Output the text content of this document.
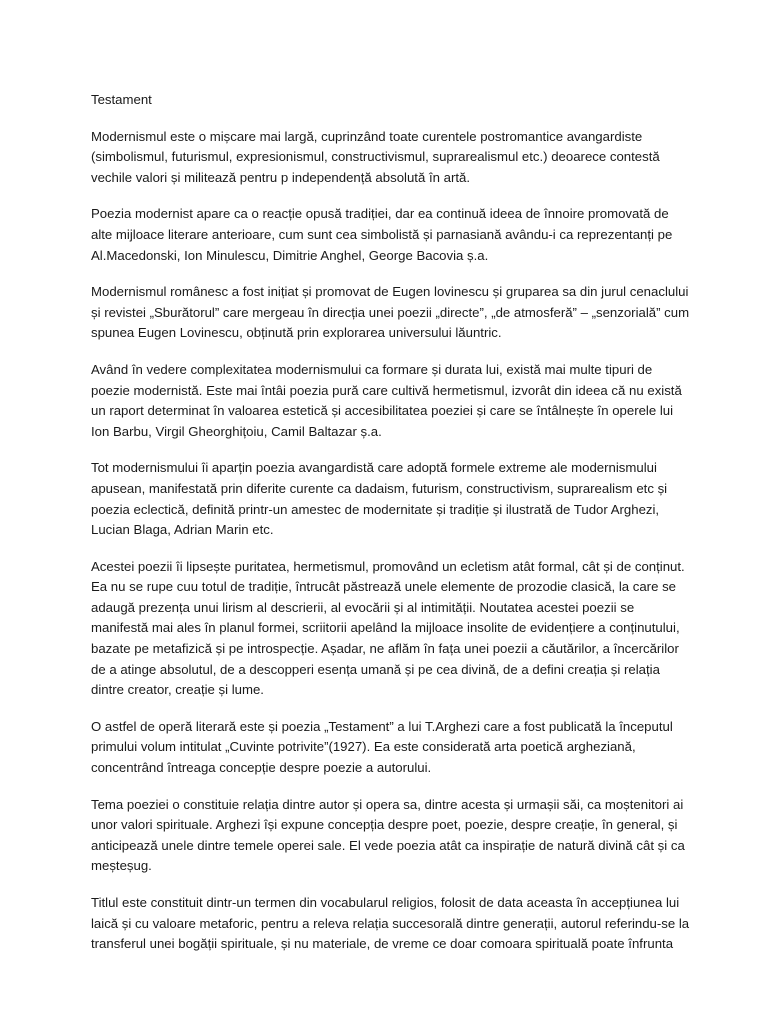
Testament

Modernismul este o mișcare mai largă, cuprinzând toate curentele postromantice avangardiste (simbolismul, futurismul, expresionismul, constructivismul, suprarealismul etc.) deoarece contestă vechile valori și militează pentru p independență absolută în artă.

Poezia modernist apare ca o reacție opusă tradiției, dar ea continuă ideea de înnoire promovată de alte mijloace literare anterioare, cum sunt cea simbolistă și parnasiană avându-i ca reprezentanți pe Al.Macedonski, Ion Minulescu, Dimitrie Anghel, George Bacovia ș.a.

Modernismul românesc a fost inițiat și promovat de Eugen lovinescu și gruparea sa din jurul cenaclului și revistei „Sburătorul” care mergeau în direcția unei poezii „directe”, „de atmosferă” – „senzorială” cum spunea Eugen Lovinescu, obținută prin explorarea universului lăuntric.

Având în vedere complexitatea modernismului ca formare și durata lui, există mai multe tipuri de poezie modernistă. Este mai întâi poezia pură care cultivă hermetismul, izvorât din ideea că nu există un raport determinat în valoarea estetică și accesibilitatea poeziei și care se întâlnește în operele lui Ion Barbu, Virgil Gheorghițoiu, Camil Baltazar ș.a.

Tot modernismului îi aparțin poezia avangardistă care adoptă formele extreme ale modernismului apusean, manifestată prin diferite curente ca dadaism, futurism, constructivism, suprarealism etc și poezia eclectică, definită printr-un amestec de modernitate și tradiție și ilustrată de Tudor Arghezi, Lucian Blaga, Adrian Marin etc.

Acestei poezii îi lipsește puritatea, hermetismul, promovând un ecletism atât formal, cât și de conținut. Ea nu se rupe cuu totul de tradiție, întrucât păstrează unele elemente de prozodie clasică, la care se adaugă prezența unui lirism al descrierii, al evocării și al intimității. Noutatea acestei poezii se manifestă mai ales în planul formei, scriitorii apelând la mijloace insolite de evidențiere a conținutului, bazate pe metafizică și pe introspecție. Așadar, ne aflăm în fața unei poezii a căutărilor, a încercărilor de a atinge absolutul, de a descopperi esența umană și pe cea divină, de a defini creația și relația dintre creator, creație și lume.

O astfel de operă literară este și poezia „Testament” a lui T.Arghezi care a fost publicată la începutul primului volum intitulat „Cuvinte potrivite”(1927). Ea este considerată arta poetică argheziană, concentrând întreaga concepție despre poezie a autorului.

Tema poeziei o constituie relația dintre autor și opera sa, dintre acesta și urmașii săi, ca moștenitori ai unor valori spirituale. Arghezi își expune concepția despre poet, poezie, despre creație, în general, și anticipează unele dintre temele operei sale. El vede poezia atât ca inspirație de natură divină cât și ca meșteșug.

Titlul este constituit dintr-un termen din vocabularul religios, folosit de data aceasta în accepțiunea lui laică și cu valoare metaforic, pentru a releva relația succesorală dintre generații, autorul referindu-se la transferul unei bogății spirituale, și nu materiale, de vreme ce doar comoara spirituală poate înfrunta
